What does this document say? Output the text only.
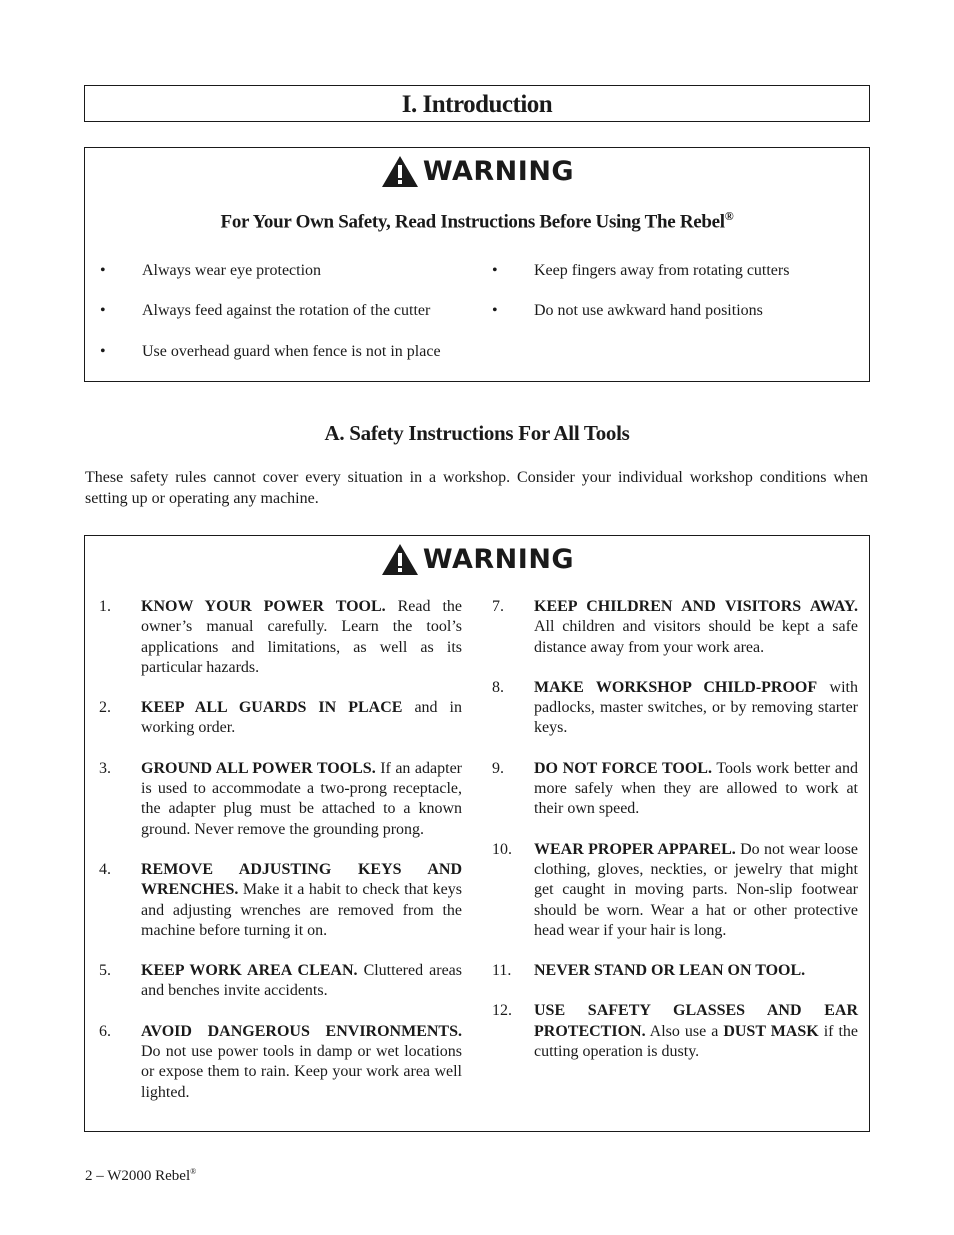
I. Introduction
WARNING
For Your Own Safety, Read Instructions Before Using The Rebel®
• Always wear eye protection
• Always feed against the rotation of the cutter
• Use overhead guard when fence is not in place
• Keep fingers away from rotating cutters
• Do not use awkward hand positions
A. Safety Instructions For All Tools
These safety rules cannot cover every situation in a workshop. Consider your individual workshop conditions when setting up or operating any machine.
WARNING
1. KNOW YOUR POWER TOOL. Read the owner’s manual carefully. Learn the tool’s applications and limitations, as well as its particular hazards.
2. KEEP ALL GUARDS IN PLACE and in working order.
3. GROUND ALL POWER TOOLS. If an adapter is used to accommodate a two-prong receptacle, the adapter plug must be attached to a known ground. Never remove the grounding prong.
4. REMOVE ADJUSTING KEYS AND WRENCHES. Make it a habit to check that keys and adjusting wrenches are removed from the machine before turning it on.
5. KEEP WORK AREA CLEAN. Cluttered areas and benches invite accidents.
6. AVOID DANGEROUS ENVIRONMENTS. Do not use power tools in damp or wet locations or expose them to rain. Keep your work area well lighted.
7. KEEP CHILDREN AND VISITORS AWAY. All children and visitors should be kept a safe distance away from your work area.
8. MAKE WORKSHOP CHILD-PROOF with padlocks, master switches, or by removing starter keys.
9. DO NOT FORCE TOOL. Tools work better and more safely when they are allowed to work at their own speed.
10. WEAR PROPER APPAREL. Do not wear loose clothing, gloves, neckties, or jewelry that might get caught in moving parts. Non-slip footwear should be worn. Wear a hat or other protective head wear if your hair is long.
11. NEVER STAND OR LEAN ON TOOL.
12. USE SAFETY GLASSES AND EAR PROTECTION. Also use a DUST MASK if the cutting operation is dusty.
2 – W2000 Rebel®
